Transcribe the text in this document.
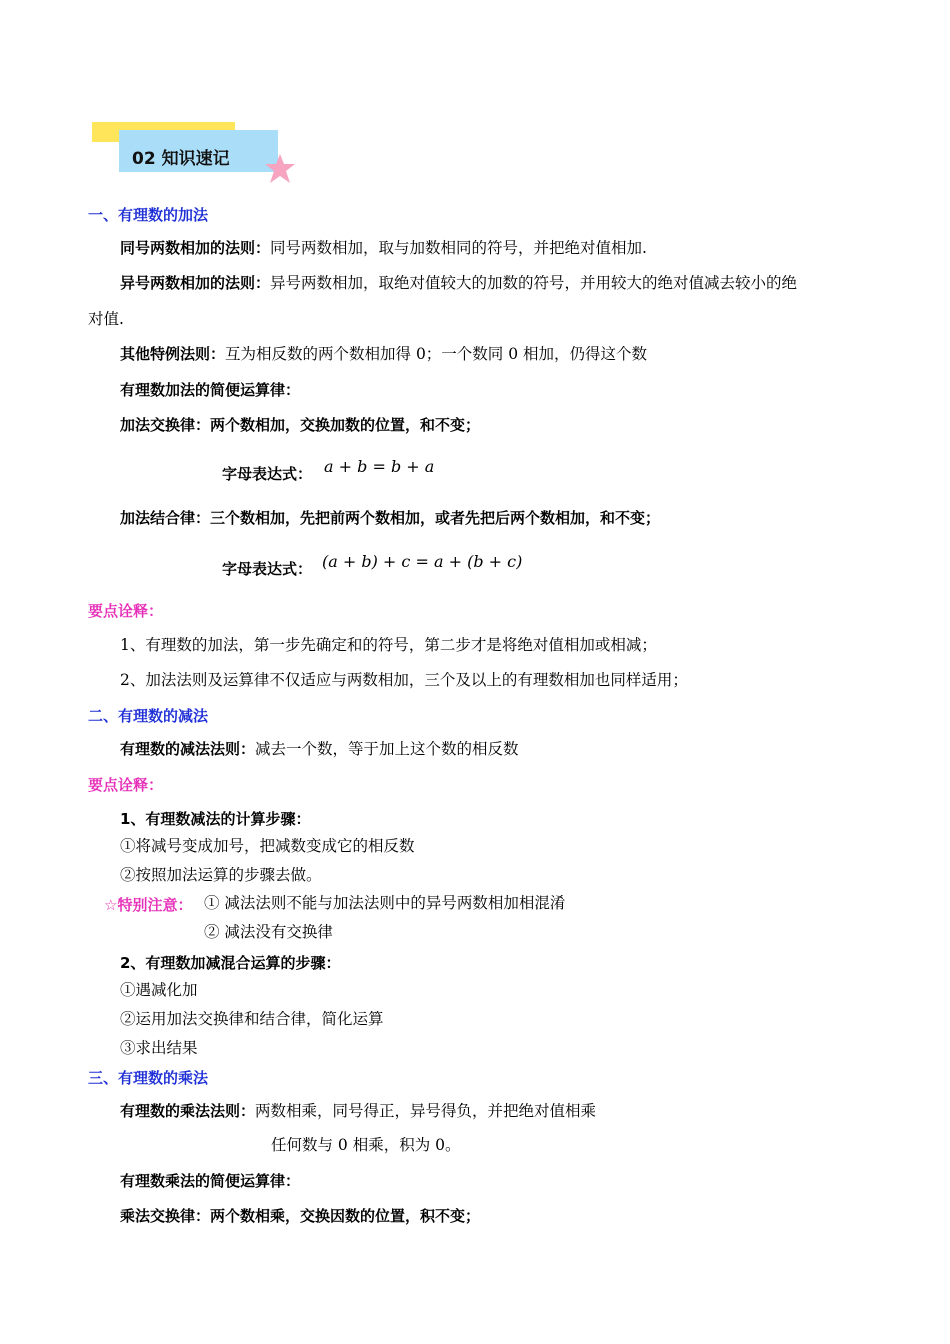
02 知识速记
一、有理数的加法
同号两数相加的法则：同号两数相加，取与加数相同的符号，并把绝对值相加.
异号两数相加的法则：异号两数相加，取绝对值较大的加数的符号，并用较大的绝对值减去较小的绝
对值.
其他特例法则：互为相反数的两个数相加得 0；一个数同 0 相加，仍得这个数
有理数加法的简便运算律：
加法交换律：两个数相加，交换加数的位置，和不变；
字母表达式： a + b = b + a
加法结合律：三个数相加，先把前两个数相加，或者先把后两个数相加，和不变；
字母表达式： (a + b) + c = a + (b + c)
要点诠释：
1、有理数的加法，第一步先确定和的符号，第二步才是将绝对值相加或相减；
2、加法法则及运算律不仅适应与两数相加，三个及以上的有理数相加也同样适用；
二、有理数的减法
有理数的减法法则：减去一个数，等于加上这个数的相反数
要点诠释：
1、有理数减法的计算步骤：
①将减号变成加号，把减数变成它的相反数
②按照加法运算的步骤去做。
☆特别注意： ① 减法法则不能与加法法则中的异号两数相加相混淆
② 减法没有交换律
2、有理数加减混合运算的步骤：
①遇减化加
②运用加法交换律和结合律，简化运算
③求出结果
三、有理数的乘法
有理数的乘法法则：两数相乘，同号得正，异号得负，并把绝对值相乘
任何数与 0 相乘，积为 0。
有理数乘法的简便运算律：
乘法交换律：两个数相乘，交换因数的位置，积不变；
